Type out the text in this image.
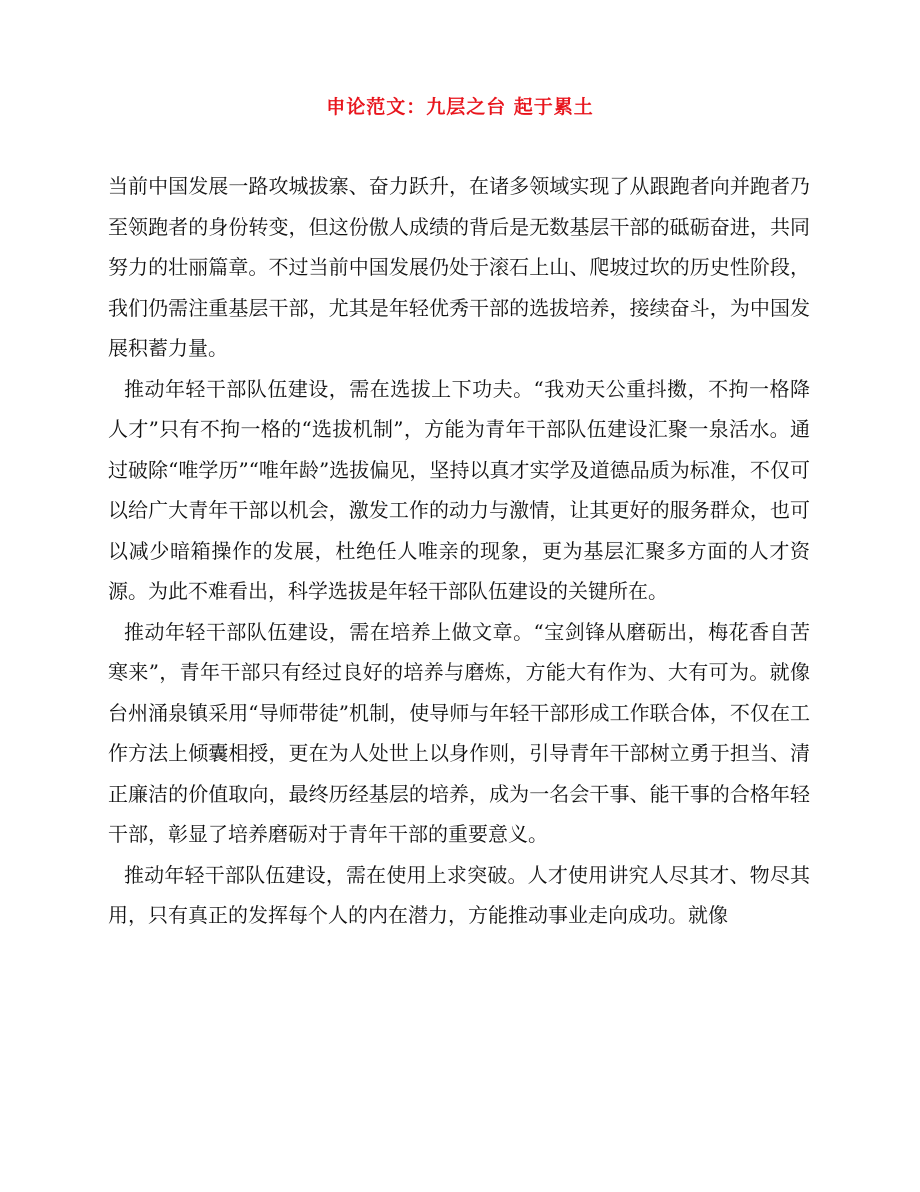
申论范文：九层之台 起于累土

当前中国发展一路攻城拔寨、奋力跃升，在诸多领域实现了从跟跑者向并跑者乃至领跑者的身份转变，但这份傲人成绩的背后是无数基层干部的砥砺奋进，共同努力的壮丽篇章。不过当前中国发展仍处于滚石上山、爬坡过坎的历史性阶段，我们仍需注重基层干部，尤其是年轻优秀干部的选拔培养，接续奋斗，为中国发展积蓄力量。

推动年轻干部队伍建设，需在选拔上下功夫。“我劝天公重抖擞，不拘一格降人才”只有不拘一格的“选拔机制”，方能为青年干部队伍建设汇聚一泉活水。通过破除“唯学历”“唯年龄”选拔偏见，坚持以真才实学及道德品质为标准，不仅可以给广大青年干部以机会，激发工作的动力与激情，让其更好的服务群众，也可以减少暗箱操作的发展，杜绝任人唯亲的现象，更为基层汇聚多方面的人才资源。为此不难看出，科学选拔是年轻干部队伍建设的关键所在。

推动年轻干部队伍建设，需在培养上做文章。“宝剑锋从磨砺出，梅花香自苦寒来”，青年干部只有经过良好的培养与磨炼，方能大有作为、大有可为。就像台州涌泉镇采用“导师带徒”机制，使导师与年轻干部形成工作联合体，不仅在工作方法上倾囊相授，更在为人处世上以身作则，引导青年干部树立勇于担当、清正廉洁的价值取向，最终历经基层的培养，成为一名会干事、能干事的合格年轻干部，彰显了培养磨砺对于青年干部的重要意义。

推动年轻干部队伍建设，需在使用上求突破。人才使用讲究人尽其才、物尽其用，只有真正的发挥每个人的内在潜力，方能推动事业走向成功。就像
